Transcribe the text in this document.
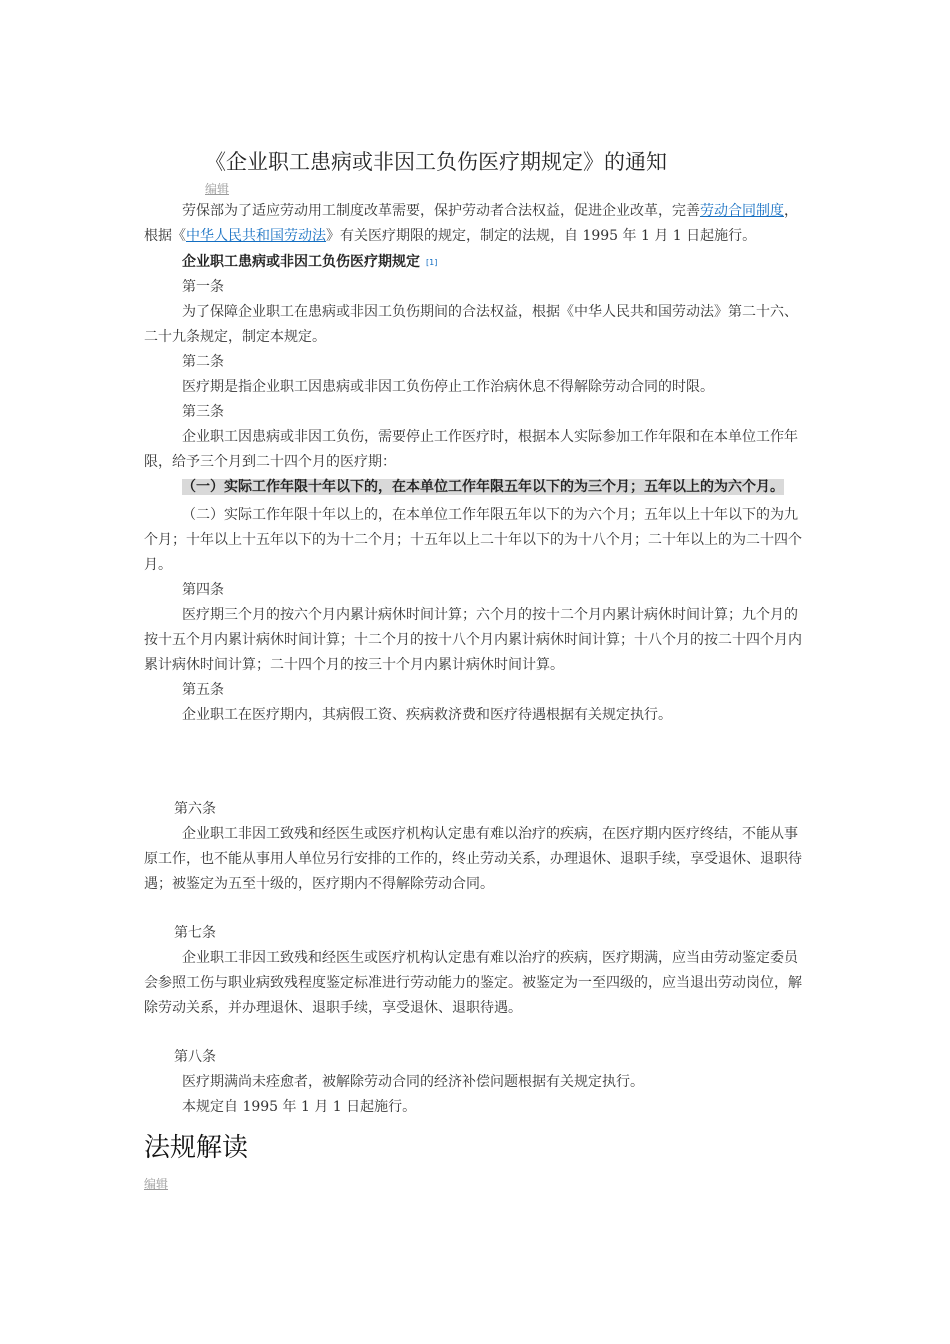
《企业职工患病或非因工负伤医疗期规定》的通知
编辑

劳保部为了适应劳动用工制度改革需要，保护劳动者合法权益，促进企业改革，完善劳动合同制度，根据《中华人民共和国劳动法》有关医疗期限的规定，制定的法规，自 1995 年 1 月 1 日起施行。

企业职工患病或非因工负伤医疗期规定 [1]

第一条

为了保障企业职工在患病或非因工负伤期间的合法权益，根据《中华人民共和国劳动法》第二十六、二十九条规定，制定本规定。

第二条

医疗期是指企业职工因患病或非因工负伤停止工作治病休息不得解除劳动合同的时限。

第三条

企业职工因患病或非因工负伤，需要停止工作医疗时，根据本人实际参加工作年限和在本单位工作年限，给予三个月到二十四个月的医疗期：

（一）实际工作年限十年以下的，在本单位工作年限五年以下的为三个月；五年以上的为六个月。

（二）实际工作年限十年以上的，在本单位工作年限五年以下的为六个月；五年以上十年以下的为九个月；十年以上十五年以下的为十二个月；十五年以上二十年以下的为十八个月；二十年以上的为二十四个月。

第四条

医疗期三个月的按六个月内累计病休时间计算；六个月的按十二个月内累计病休时间计算；九个月的按十五个月内累计病休时间计算；十二个月的按十八个月内累计病休时间计算；十八个月的按二十四个月内累计病休时间计算；二十四个月的按三十个月内累计病休时间计算。

第五条

企业职工在医疗期内，其病假工资、疾病救济费和医疗待遇根据有关规定执行。

第六条

企业职工非因工致残和经医生或医疗机构认定患有难以治疗的疾病，在医疗期内医疗终结，不能从事原工作，也不能从事用人单位另行安排的工作的，终止劳动关系，办理退休、退职手续，享受退休、退职待遇；被鉴定为五至十级的，医疗期内不得解除劳动合同。

第七条

企业职工非因工致残和经医生或医疗机构认定患有难以治疗的疾病，医疗期满，应当由劳动鉴定委员会参照工伤与职业病致残程度鉴定标准进行劳动能力的鉴定。被鉴定为一至四级的，应当退出劳动岗位，解除劳动关系，并办理退休、退职手续，享受退休、退职待遇。

第八条

医疗期满尚未痊愈者，被解除劳动合同的经济补偿问题根据有关规定执行。

本规定自 1995 年 1 月 1 日起施行。

法规解读
编辑
